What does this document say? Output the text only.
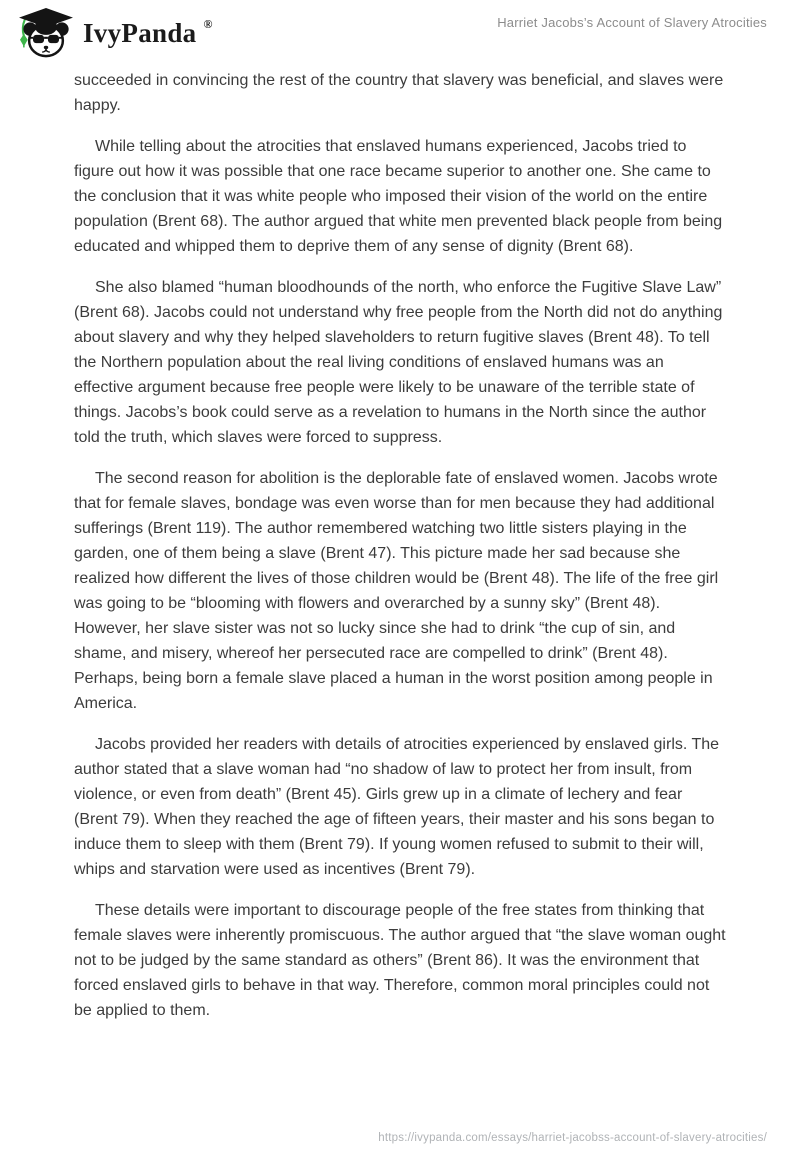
IvyPanda ®	Harriet Jacobs’s Account of Slavery Atrocities

succeeded in convincing the rest of the country that slavery was beneficial, and slaves were happy.

While telling about the atrocities that enslaved humans experienced, Jacobs tried to figure out how it was possible that one race became superior to another one. She came to the conclusion that it was white people who imposed their vision of the world on the entire population (Brent 68). The author argued that white men prevented black people from being educated and whipped them to deprive them of any sense of dignity (Brent 68).

She also blamed “human bloodhounds of the north, who enforce the Fugitive Slave Law” (Brent 68). Jacobs could not understand why free people from the North did not do anything about slavery and why they helped slaveholders to return fugitive slaves (Brent 48). To tell the Northern population about the real living conditions of enslaved humans was an effective argument because free people were likely to be unaware of the terrible state of things. Jacobs’s book could serve as a revelation to humans in the North since the author told the truth, which slaves were forced to suppress.

The second reason for abolition is the deplorable fate of enslaved women. Jacobs wrote that for female slaves, bondage was even worse than for men because they had additional sufferings (Brent 119). The author remembered watching two little sisters playing in the garden, one of them being a slave (Brent 47). This picture made her sad because she realized how different the lives of those children would be (Brent 48). The life of the free girl was going to be “blooming with flowers and overarched by a sunny sky” (Brent 48). However, her slave sister was not so lucky since she had to drink “the cup of sin, and shame, and misery, whereof her persecuted race are compelled to drink” (Brent 48). Perhaps, being born a female slave placed a human in the worst position among people in America.

Jacobs provided her readers with details of atrocities experienced by enslaved girls. The author stated that a slave woman had “no shadow of law to protect her from insult, from violence, or even from death” (Brent 45). Girls grew up in a climate of lechery and fear (Brent 79). When they reached the age of fifteen years, their master and his sons began to induce them to sleep with them (Brent 79). If young women refused to submit to their will, whips and starvation were used as incentives (Brent 79).

These details were important to discourage people of the free states from thinking that female slaves were inherently promiscuous. The author argued that “the slave woman ought not to be judged by the same standard as others” (Brent 86). It was the environment that forced enslaved girls to behave in that way. Therefore, common moral principles could not be applied to them.

https://ivypanda.com/essays/harriet-jacobss-account-of-slavery-atrocities/
